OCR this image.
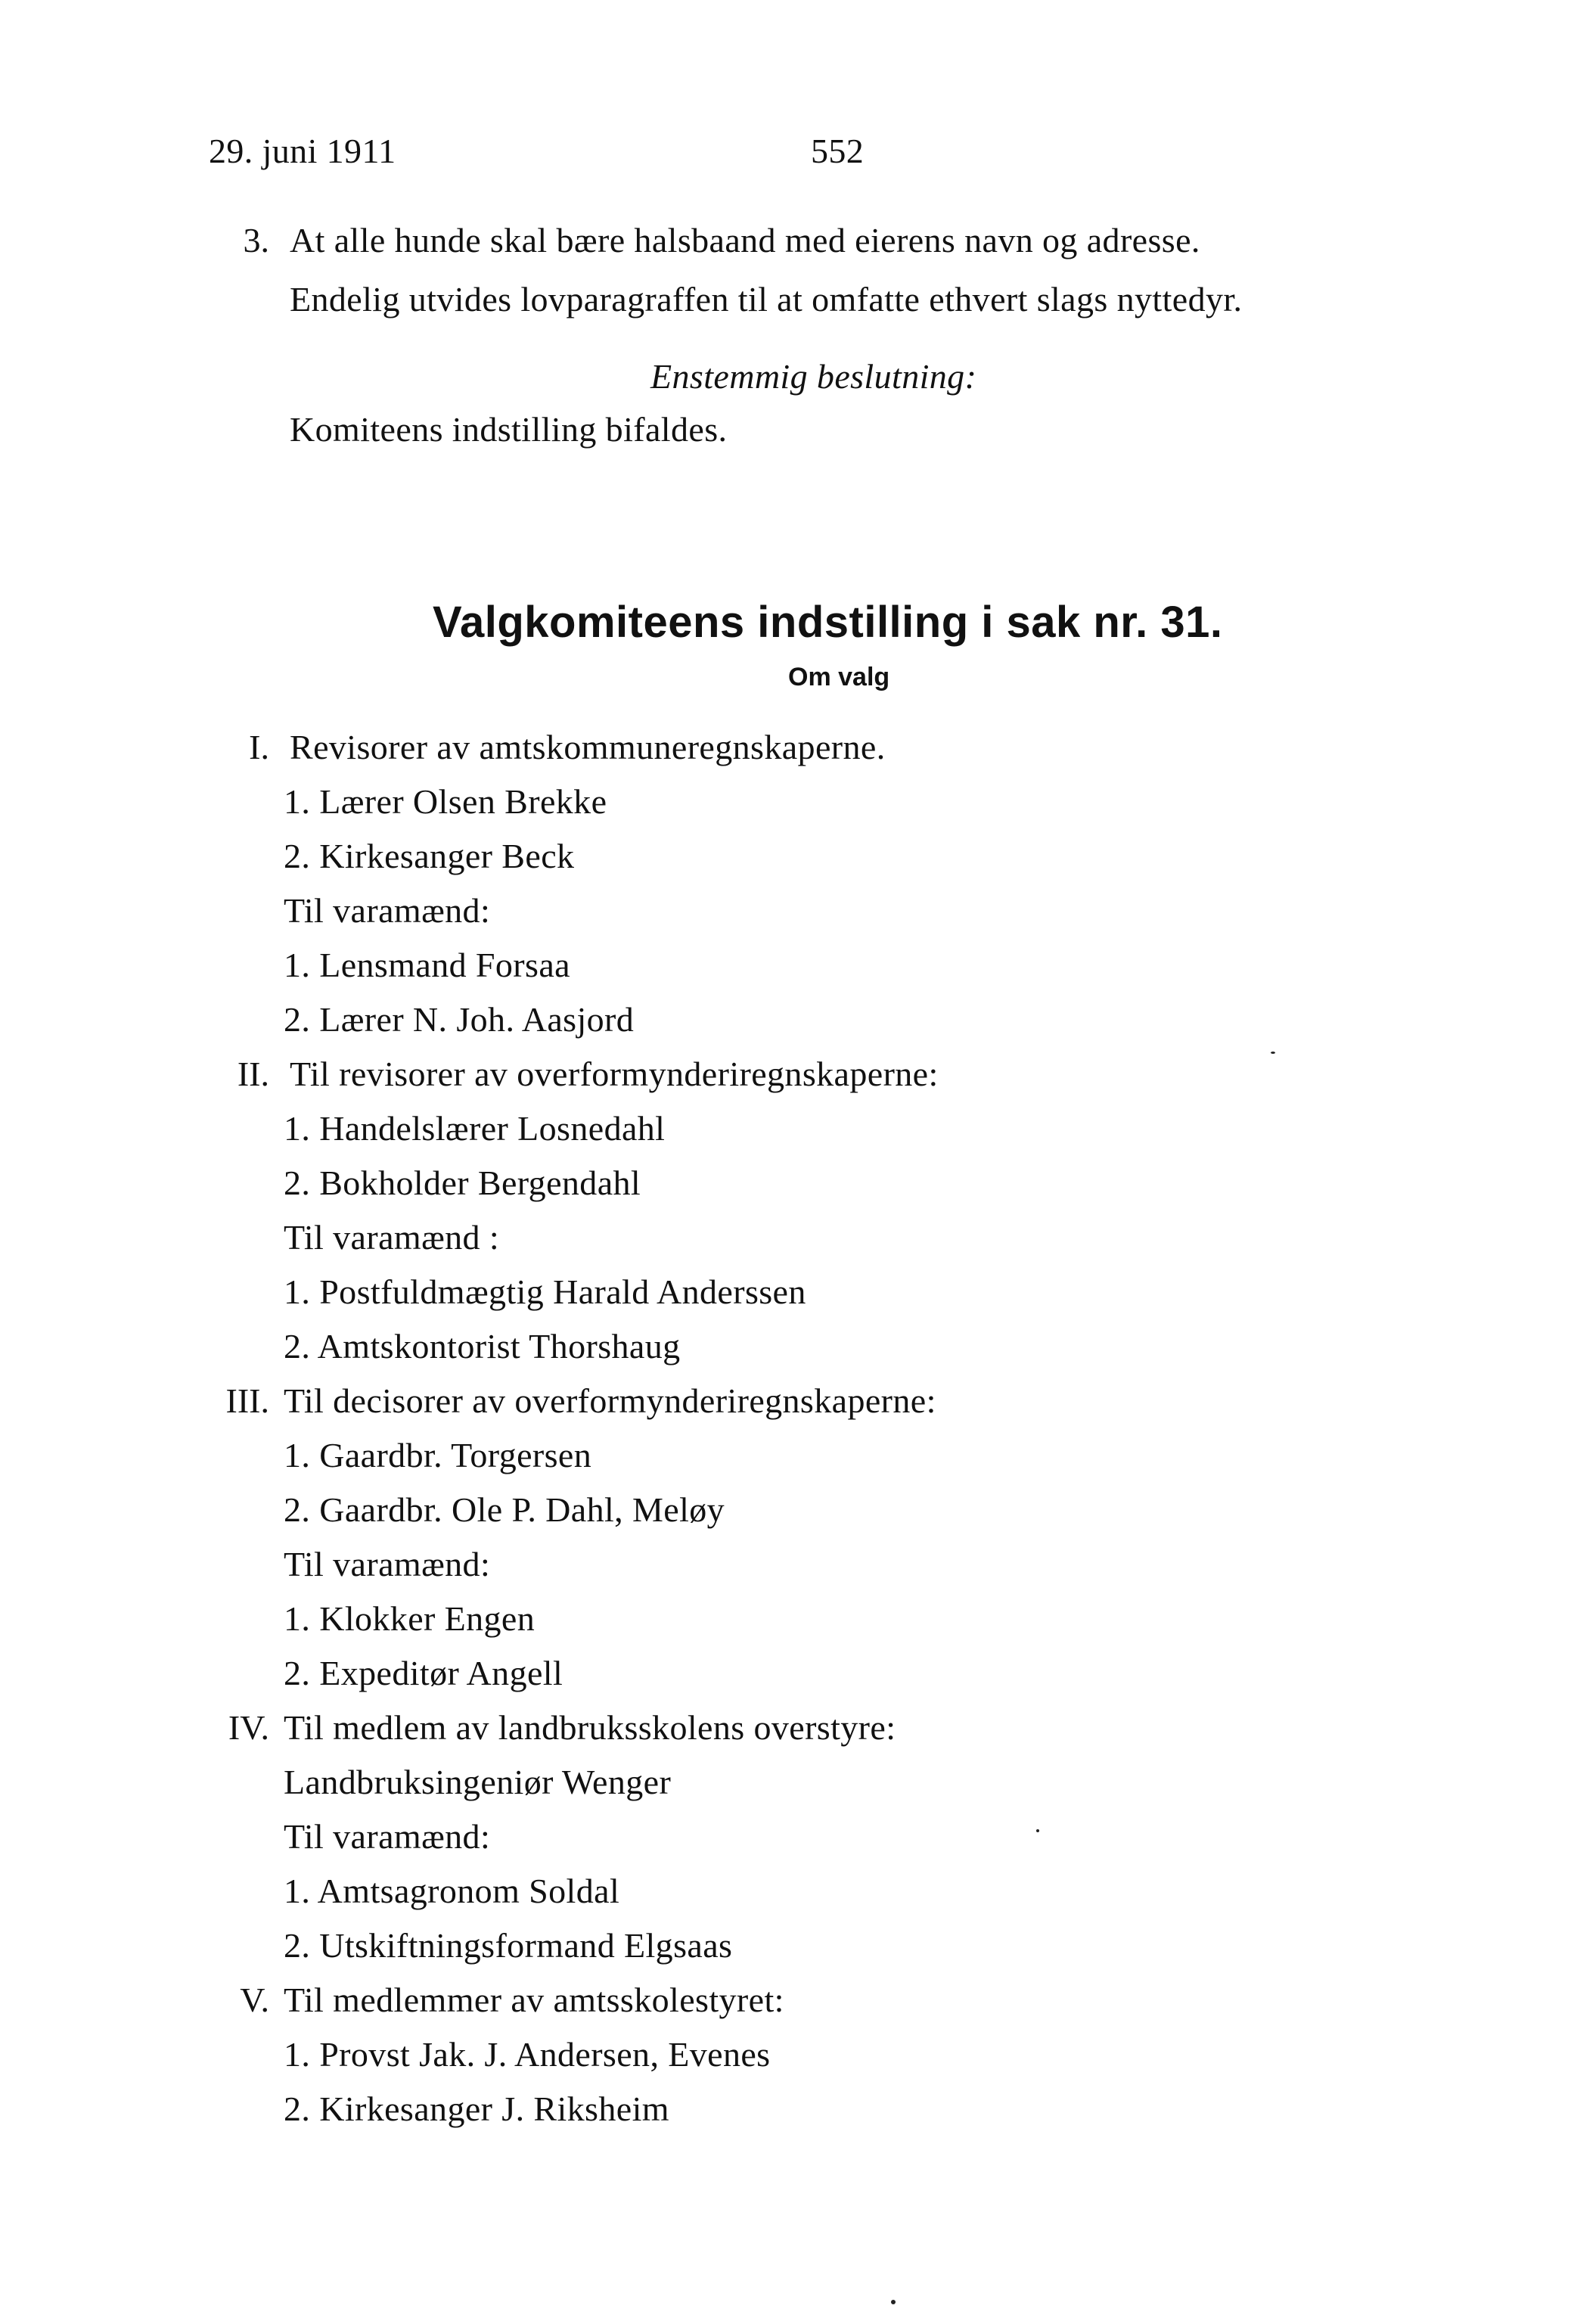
29. juni 1911	552
3. At alle hunde skal bære halsbaand med eierens navn og adresse.
Endelig utvides lovparagraffen til at omfatte ethvert slags nyttedyr.
Enstemmig beslutning:
Komiteens indstilling bifaldes.
Valgkomiteens indstilling i sak nr. 31.
Om valg
I. Revisorer av amtskommuneregnskaperne.
1. Lærer Olsen Brekke
2. Kirkesanger Beck
Til varamænd:
1. Lensmand Forsaa
2. Lærer N. Joh. Aasjord
II. Til revisorer av overformynderiregnskaperne:
1. Handelslærer Losnedahl
2. Bokholder Bergendahl
Til varamænd :
1. Postfuldmægtig Harald Anderssen
2. Amtskontorist Thorshaug
III. Til decisorer av overformynderiregnskaperne:
1. Gaardbr. Torgersen
2. Gaardbr. Ole P. Dahl, Meløy
Til varamænd:
1. Klokker Engen
2. Expeditør Angell
IV. Til medlem av landbruksskolens overstyre:
Landbruksingeniør Wenger
Til varamænd:
1. Amtsagronom Soldal
2. Utskiftningsformand Elgsaas
V. Til medlemmer av amtsskolestyret:
1. Provst Jak. J. Andersen, Evenes
2. Kirkesanger J. Riksheim
